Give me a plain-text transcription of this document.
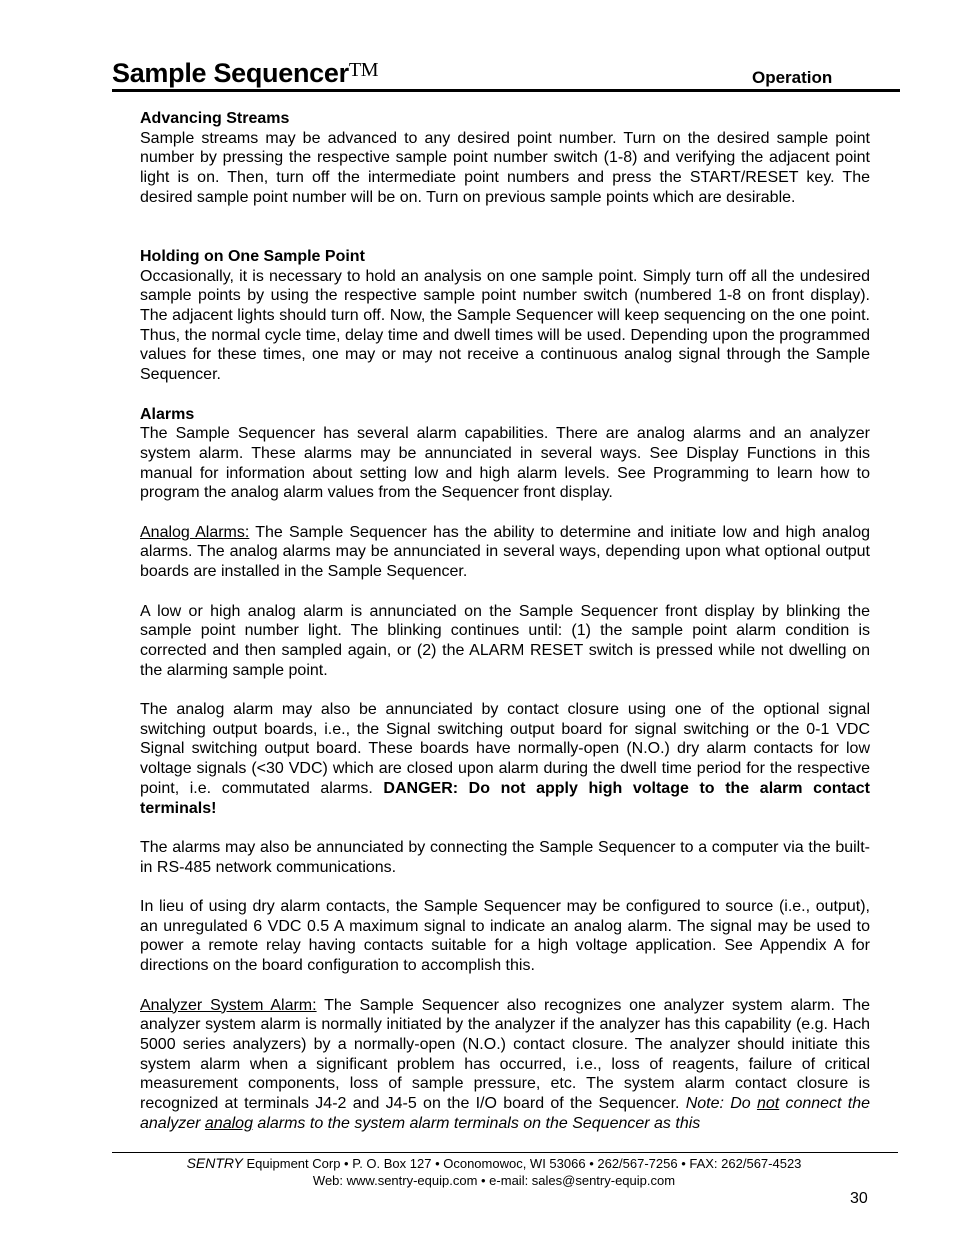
Sample Sequencer™	Operation
Advancing Streams

Sample streams may be advanced to any desired point number. Turn on the desired sample point number by pressing the respective sample point number switch (1-8) and verifying the adjacent point light is on. Then, turn off the intermediate point numbers and press the START/RESET key. The desired sample point number will be on. Turn on previous sample points which are desirable.

Holding on One Sample Point

Occasionally, it is necessary to hold an analysis on one sample point. Simply turn off all the undesired sample points by using the respective sample point number switch (numbered 1-8 on front display). The adjacent lights should turn off. Now, the Sample Sequencer will keep sequencing on the one point. Thus, the normal cycle time, delay time and dwell times will be used. Depending upon the programmed values for these times, one may or may not receive a continuous analog signal through the Sample Sequencer.

Alarms

The Sample Sequencer has several alarm capabilities. There are analog alarms and an analyzer system alarm. These alarms may be annunciated in several ways. See Display Functions in this manual for information about setting low and high alarm levels. See Programming to learn how to program the analog alarm values from the Sequencer front display.

Analog Alarms: The Sample Sequencer has the ability to determine and initiate low and high analog alarms. The analog alarms may be annunciated in several ways, depending upon what optional output boards are installed in the Sample Sequencer.

A low or high analog alarm is annunciated on the Sample Sequencer front display by blinking the sample point number light. The blinking continues until: (1) the sample point alarm condition is corrected and then sampled again, or (2) the ALARM RESET switch is pressed while not dwelling on the alarming sample point.

The analog alarm may also be annunciated by contact closure using one of the optional signal switching output boards, i.e., the Signal switching output board for signal switching or the 0-1 VDC Signal switching output board. These boards have normally-open (N.O.) dry alarm contacts for low voltage signals (<30 VDC) which are closed upon alarm during the dwell time period for the respective point, i.e. commutated alarms. DANGER: Do not apply high voltage to the alarm contact terminals!

The alarms may also be annunciated by connecting the Sample Sequencer to a computer via the built-in RS-485 network communications.

In lieu of using dry alarm contacts, the Sample Sequencer may be configured to source (i.e., output), an unregulated 6 VDC 0.5 A maximum signal to indicate an analog alarm. The signal may be used to power a remote relay having contacts suitable for a high voltage application. See Appendix A for directions on the board configuration to accomplish this.

Analyzer System Alarm: The Sample Sequencer also recognizes one analyzer system alarm. The analyzer system alarm is normally initiated by the analyzer if the analyzer has this capability (e.g. Hach 5000 series analyzers) by a normally-open (N.O.) contact closure. The analyzer should initiate this system alarm when a significant problem has occurred, i.e., loss of reagents, failure of critical measurement components, loss of sample pressure, etc. The system alarm contact closure is recognized at terminals J4-2 and J4-5 on the I/O board of the Sequencer. Note: Do not connect the analyzer analog alarms to the system alarm terminals on the Sequencer as this

SENTRY Equipment Corp • P. O. Box 127 • Oconomowoc, WI 53066 • 262/567-7256 • FAX: 262/567-4523
Web: www.sentry-equip.com • e-mail: sales@sentry-equip.com
30
